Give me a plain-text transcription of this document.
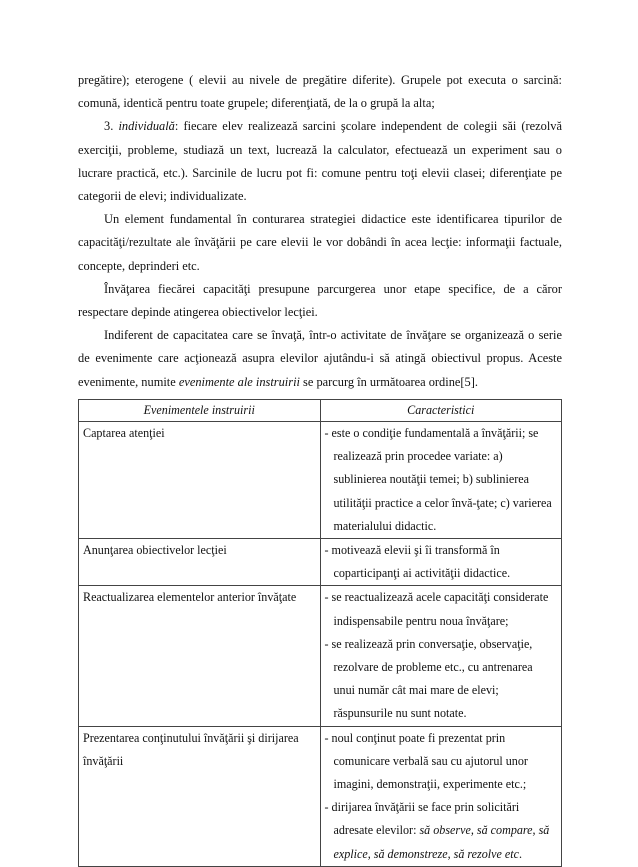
pregătire); eterogene ( elevii au nivele de pregătire diferite). Grupele pot executa o sarcină: comună, identică pentru toate grupele; diferenţiată, de la o grupă la alta;

3. individuală: fiecare elev realizează sarcini şcolare independent de colegii săi (rezolvă exerciţii, probleme, studiază un text, lucrează la calculator, efectuează un experiment sau o lucrare practică, etc.). Sarcinile de lucru pot fi: comune pentru toţi elevii clasei; diferenţiate pe categorii de elevi; individualizate.

Un element fundamental în conturarea strategiei didactice este identificarea tipurilor de capacităţi/rezultate ale învăţării pe care elevii le vor dobândi în acea lecţie: informaţii factuale, concepte, deprinderi etc.

Învăţarea fiecărei capacităţi presupune parcurgerea unor etape specifice, de a căror respectare depinde atingerea obiectivelor lecţiei.

Indiferent de capacitatea care se învaţă, într-o activitate de învăţare se organizează o serie de evenimente care acţionează asupra elevilor ajutându-i să atingă obiectivul propus. Aceste evenimente, numite evenimente ale instruirii se parcurg în următoarea ordine[5].

Evenimentele instruirii	Caracteristici
Captarea atenţiei	- este o condiţie fundamentală a învăţării; se realizează prin procedee variate: a) sublinierea noutăţii temei; b) sublinierea utilităţii practice a celor învă-ţate; c) varierea materialului didactic.

Anunţarea obiectivelor lecţiei	- motivează elevii şi îi transformă în coparticipanţi ai activităţii didactice.

Reactualizarea elementelor anterior învăţate	- se reactualizează acele capacităţi considerate indispensabile pentru noua învăţare;
- se realizează prin conversaţie, observaţie, rezolvare de probleme etc., cu antrenarea unui număr cât mai mare de elevi; răspunsurile nu sunt notate.

Prezentarea conţinutului învăţării şi dirijarea învăţării	- noul conţinut poate fi prezentat prin comunicare verbală sau cu ajutorul unor imagini, demonstraţii, experimente etc.;
- dirijarea învăţării se face prin solicitări adresate elevilor: să observe, să compare, să explice, să demonstreze, să rezolve etc.
